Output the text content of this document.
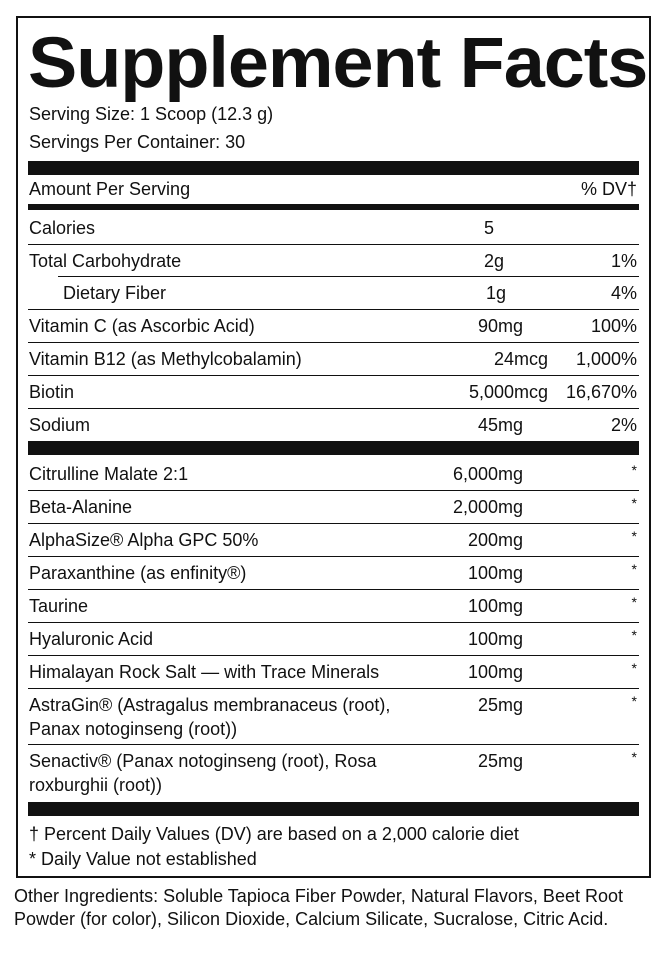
Supplement Facts
Serving Size: 1 Scoop (12.3 g)
Servings Per Container: 30
Amount Per Serving	% DV†
Calories	5
Total Carbohydrate	2g	1%
Dietary Fiber	1g	4%
Vitamin C (as Ascorbic Acid)	90mg	100%
Vitamin B12 (as Methylcobalamin)	24mcg 1,000%
Biotin	5,000mcg 16,670%
Sodium	45mg	2%
Citrulline Malate 2:1	6,000mg	*
Beta-Alanine	2,000mg	*
AlphaSize® Alpha GPC 50%	200mg	*
Paraxanthine (as enfinity®)	100mg	*
Taurine	100mg	*
Hyaluronic Acid	100mg	*
Himalayan Rock Salt — with Trace Minerals	100mg	*
AstraGin® (Astragalus membranaceus (root),
Panax notoginseng (root))
25mg	*
Senactiv® (Panax notoginseng (root), Rosa
roxburghii (root))
25mg	*
† Percent Daily Values (DV) are based on a 2,000 calorie diet
* Daily Value not established
Other Ingredients: Soluble Tapioca Fiber Powder, Natural Flavors, Beet Root Powder (for color), Silicon Dioxide, Calcium Silicate, Sucralose, Citric Acid.
